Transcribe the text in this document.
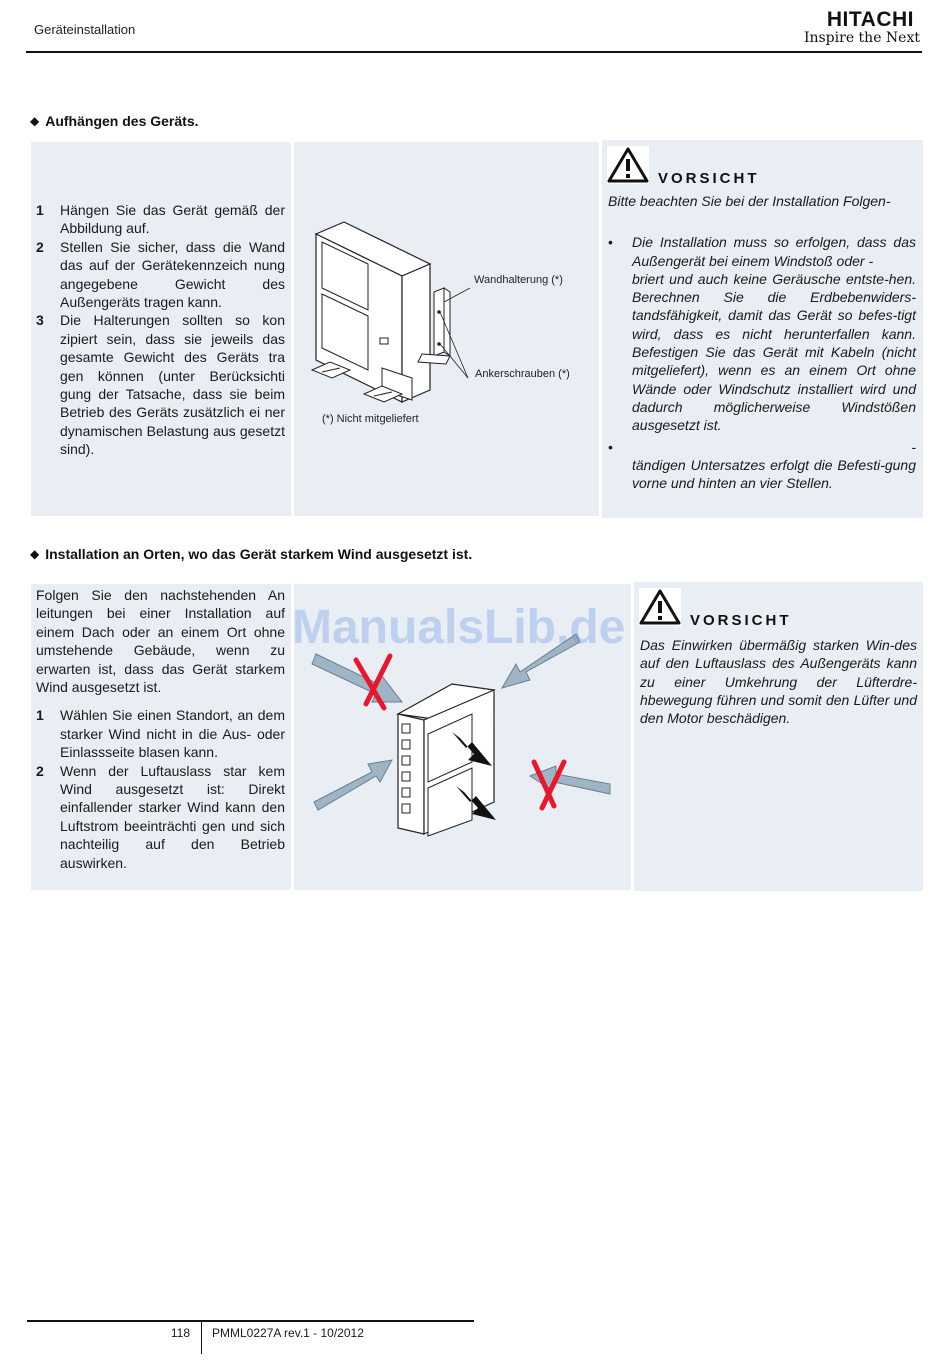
Geräteinstallation	HITACHI
Inspire the Next
◆ Aufhängen des Geräts.
1 Hängen Sie das Gerät gemäß der Abbildung auf.
2 Stellen Sie sicher, dass die Wand das auf der Gerätekennzeich nung angegebene Gewicht des Außengeräts tragen kann.
3 Die Halterungen sollten so kon zipiert sein, dass sie jeweils das gesamte Gewicht des Geräts tra gen können (unter Berücksichti gung der Tatsache, dass sie beim Betrieb des Geräts zusätzlich ei ner dynamischen Belastung aus gesetzt sind).
Wandhalterung (*)
Ankerschrauben (*)
(*) Nicht mitgeliefert
VORSICHT
Bitte beachten Sie bei der Installation Folgen-
• Die Installation muss so erfolgen, dass das Außengerät bei einem Windstoß oder -
briert und auch keine Geräusche entste-hen. Berechnen Sie die Erdbebenwiders-tandsfähigkeit, damit das Gerät so befes-tigt wird, dass es nicht herunterfallen kann. Befestigen Sie das Gerät mit Kabeln (nicht mitgeliefert), wenn es an einem Ort ohne Wände oder Windschutz installiert wird und dadurch möglicherweise Windstößen ausgesetzt ist.
•	-
tändigen Untersatzes erfolgt die Befesti-gung vorne und hinten an vier Stellen.
◆ Installation an Orten, wo das Gerät starkem Wind ausgesetzt ist.
Folgen Sie den nachstehenden An leitungen bei einer Installation auf einem Dach oder an einem Ort ohne umstehende Gebäude, wenn zu erwarten ist, dass das Gerät starkem Wind ausgesetzt ist.
1 Wählen Sie einen Standort, an dem starker Wind nicht in die Aus- oder Einlassseite blasen kann.
2 Wenn der Luftauslass star kem Wind ausgesetzt ist: Direkt einfallender starker Wind kann den Luftstrom beeinträchti gen und sich nachteilig auf den Betrieb auswirken.
VORSICHT
Das Einwirken übermäßig starken Win-des auf den Luftauslass des Außengeräts kann zu einer Umkehrung der Lüfterdre-hbewegung führen und somit den Lüfter und den Motor beschädigen.
ManualsLib.de
118 PMML0227A rev.1 - 10/2012
